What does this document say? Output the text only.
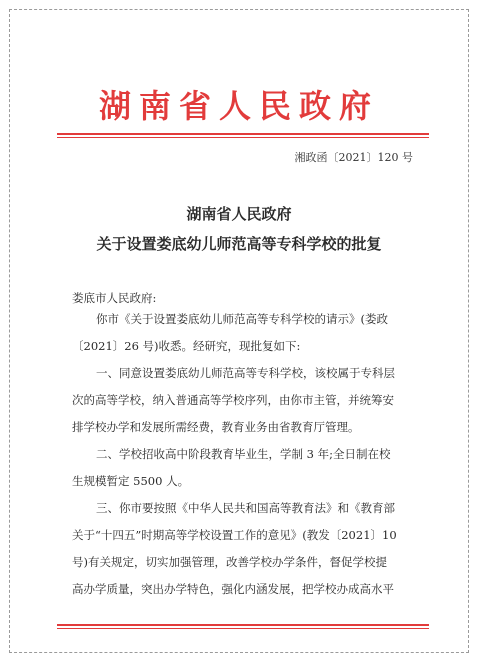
湖南省人民政府
湘政函〔2021〕120 号
湖南省人民政府
关于设置娄底幼儿师范高等专科学校的批复
娄底市人民政府:
你市《关于设置娄底幼儿师范高等专科学校的请示》(娄政
〔2021〕26 号)收悉。经研究，现批复如下:
一、同意设置娄底幼儿师范高等专科学校，该校属于专科层
次的高等学校，纳入普通高等学校序列，由你市主管，并统筹安
排学校办学和发展所需经费，教育业务由省教育厅管理。
二、学校招收高中阶段教育毕业生，学制 3 年;全日制在校
生规模暂定 5500 人。
三、你市要按照《中华人民共和国高等教育法》和《教育部
关于“十四五”时期高等学校设置工作的意见》(教发〔2021〕10
号)有关规定，切实加强管理，改善学校办学条件，督促学校提
高办学质量，突出办学特色，强化内涵发展，把学校办成高水平
